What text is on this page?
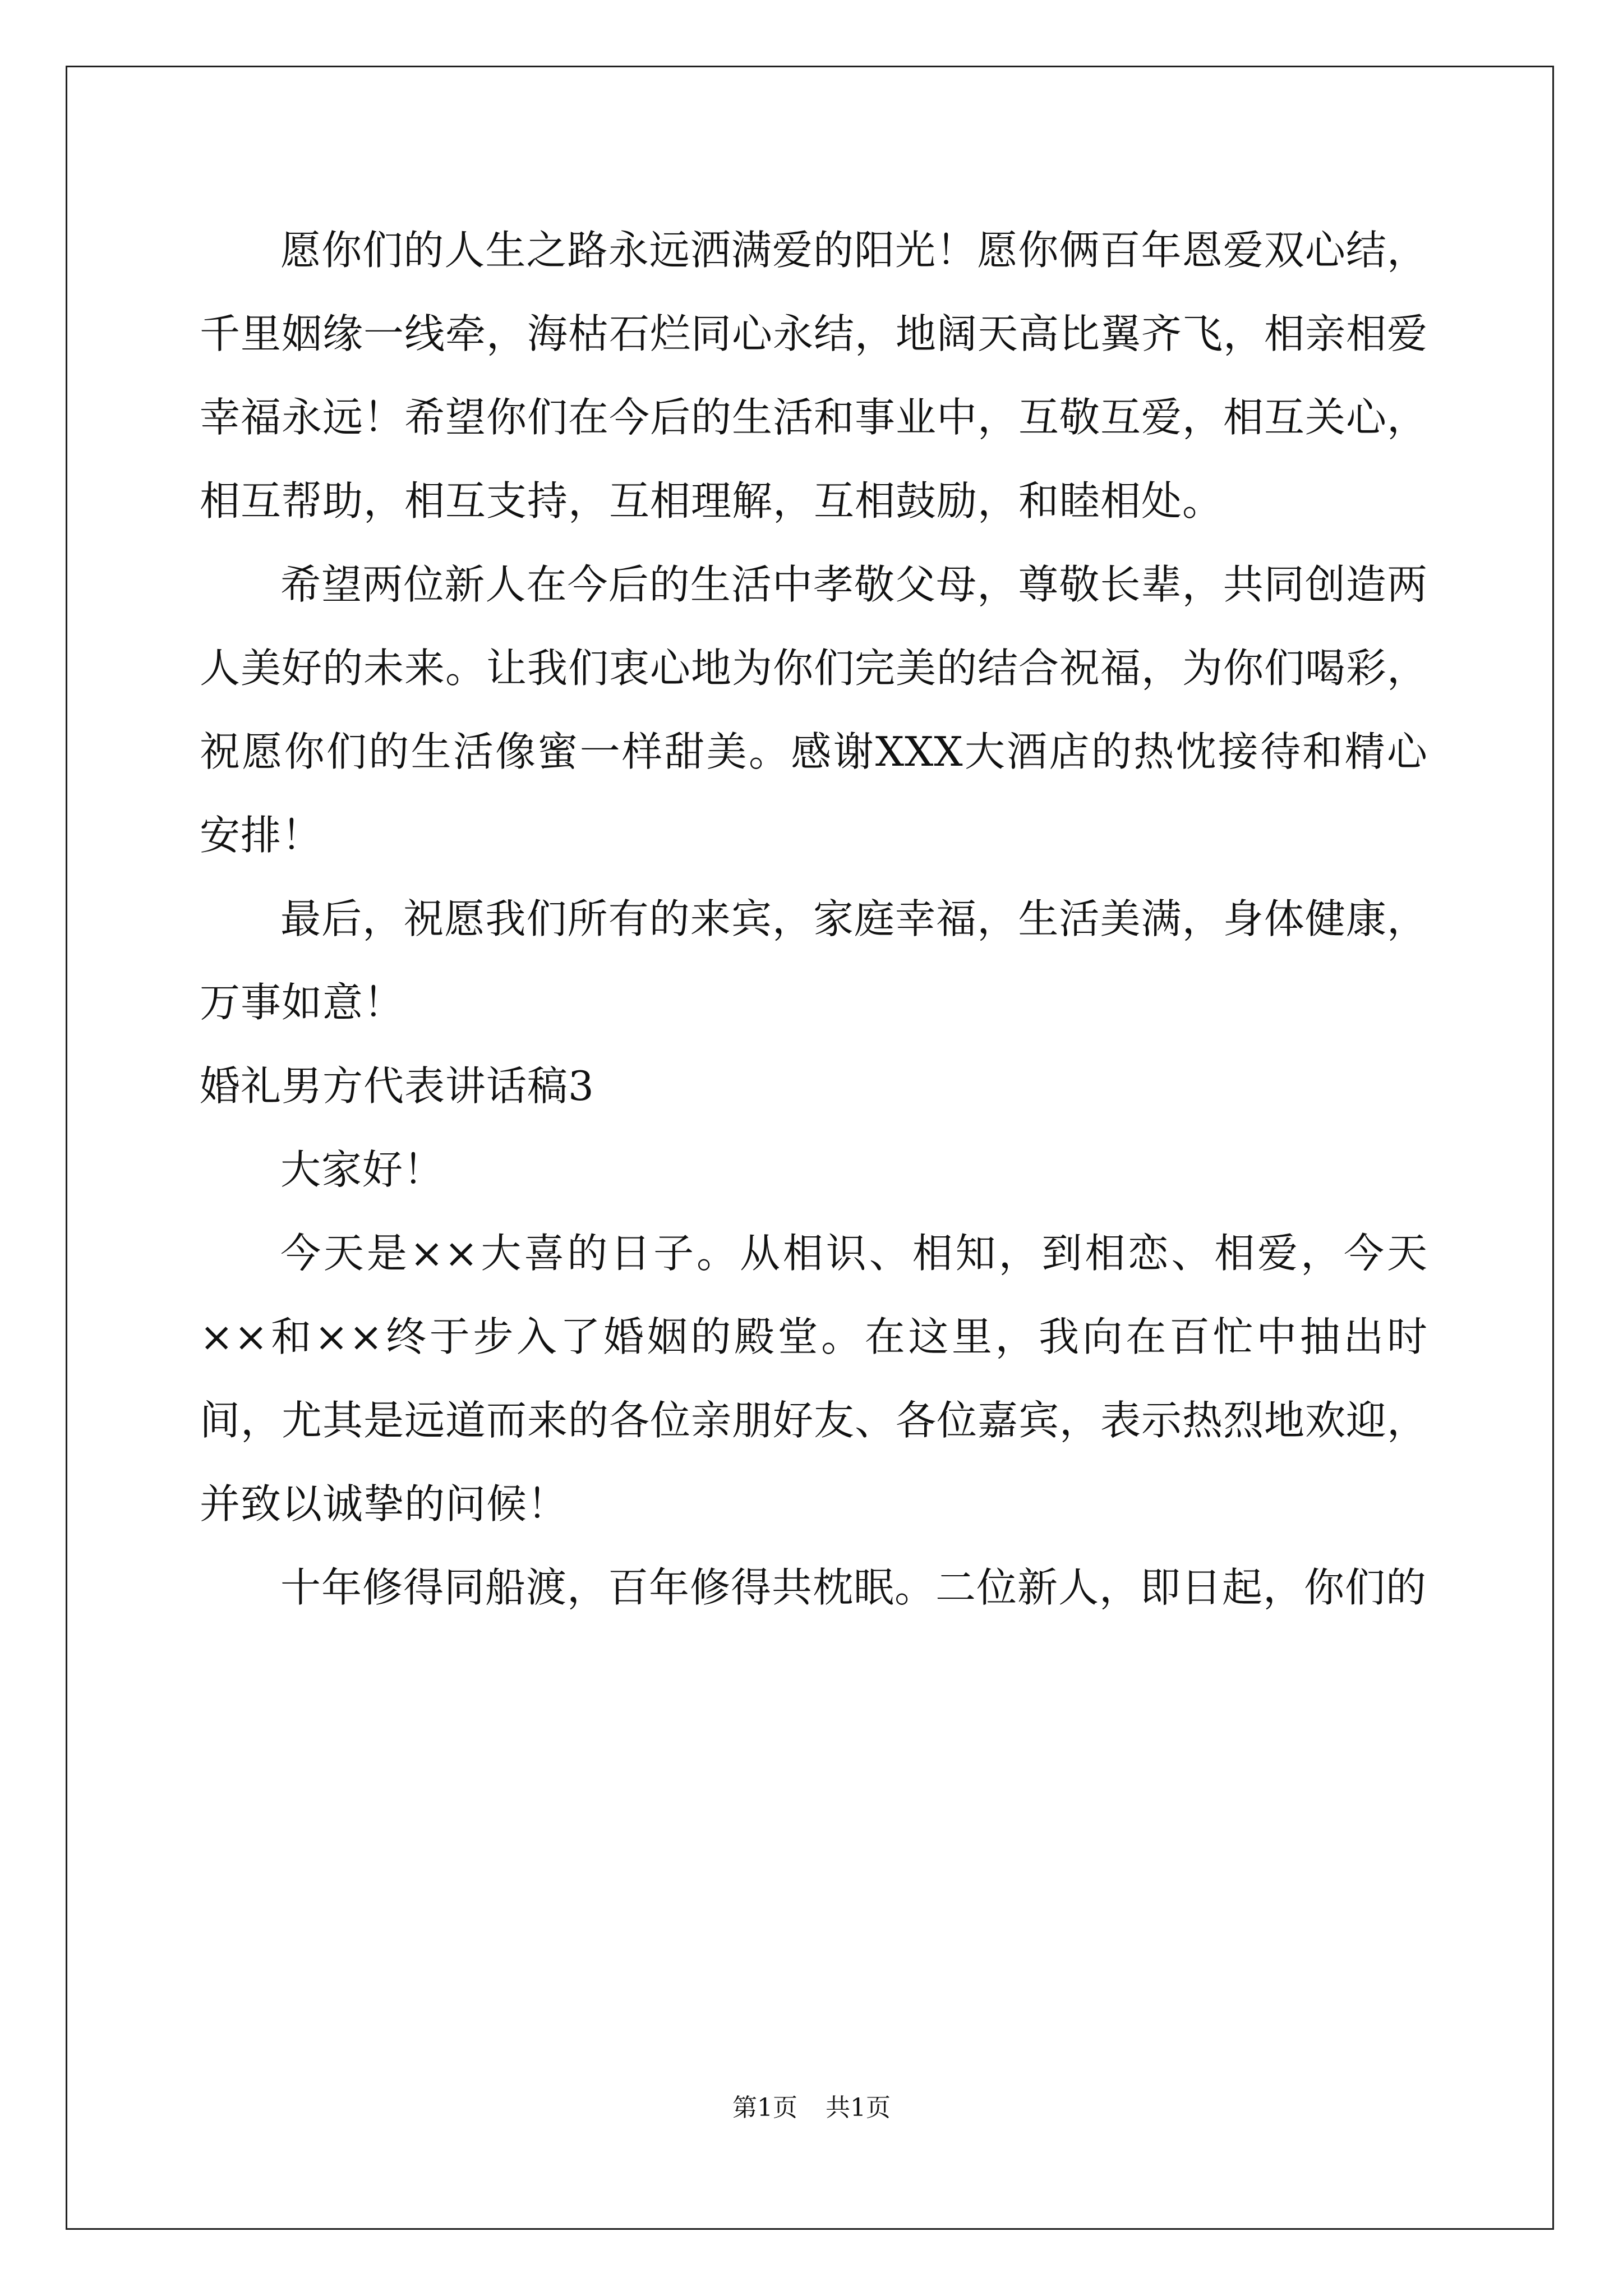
愿你们的人生之路永远洒满爱的阳光！愿你俩百年恩爱双心结，千里姻缘一线牵，海枯石烂同心永结，地阔天高比翼齐飞，相亲相爱幸福永远！希望你们在今后的生活和事业中，互敬互爱，相互关心，相互帮助，相互支持，互相理解，互相鼓励，和睦相处。

希望两位新人在今后的生活中孝敬父母，尊敬长辈，共同创造两人美好的未来。让我们衷心地为你们完美的结合祝福，为你们喝彩，祝愿你们的生活像蜜一样甜美。感谢XXX大酒店的热忱接待和精心安排！

最后，祝愿我们所有的来宾，家庭幸福，生活美满，身体健康，万事如意！

婚礼男方代表讲话稿3

大家好！

今天是××大喜的日子。从相识、相知，到相恋、相爱，今天××和××终于步入了婚姻的殿堂。在这里，我向在百忙中抽出时间，尤其是远道而来的各位亲朋好友、各位嘉宾，表示热烈地欢迎，并致以诚挚的问候！

十年修得同船渡，百年修得共枕眠。二位新人，即日起，你们的

第1页 共1页
